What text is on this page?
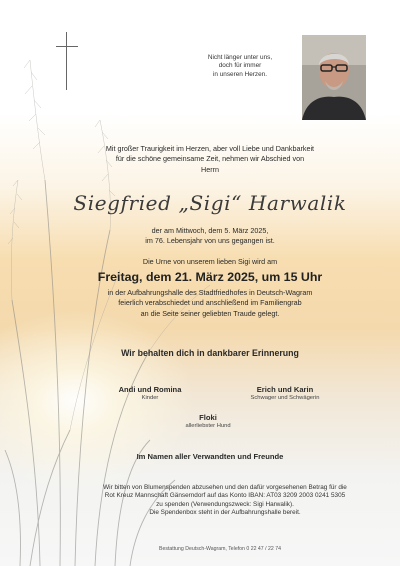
Nicht länger unter uns,
doch für immer
in unseren Herzen.
Mit großer Traurigkeit im Herzen, aber voll Liebe und Dankbarkeit
für die schöne gemeinsame Zeit, nehmen wir Abschied von
Herrn
Siegfried „Sigi“ Harwalik
der am Mittwoch, dem 5. März 2025,
im 76. Lebensjahr von uns gegangen ist.
Die Urne von unserem lieben Sigi wird am
Freitag, dem 21. März 2025, um 15 Uhr
in der Aufbahrungshalle des Stadtfriedhofes in Deutsch-Wagram
feierlich verabschiedet und anschließend im Familiengrab
an die Seite seiner geliebten Traude gelegt.
Wir behalten dich in dankbarer Erinnerung
Andi und Romina
Kinder
Erich und Karin
Schwager und Schwägerin
Floki
allerliebster Hund
Im Namen aller Verwandten und Freunde
Wir bitten von Blumenspenden abzusehen und den dafür vorgesehenen Betrag für die
Rot Kreuz Mannschaft Gänserndorf auf das Konto IBAN: AT03 3209 2003 0241 5305
zu spenden (Verwendungszweck: Sigi Harwalik).
Die Spendenbox steht in der Aufbahrungshalle bereit.
Bestattung Deutsch-Wagram, Telefon 0 22 47 / 22 74
